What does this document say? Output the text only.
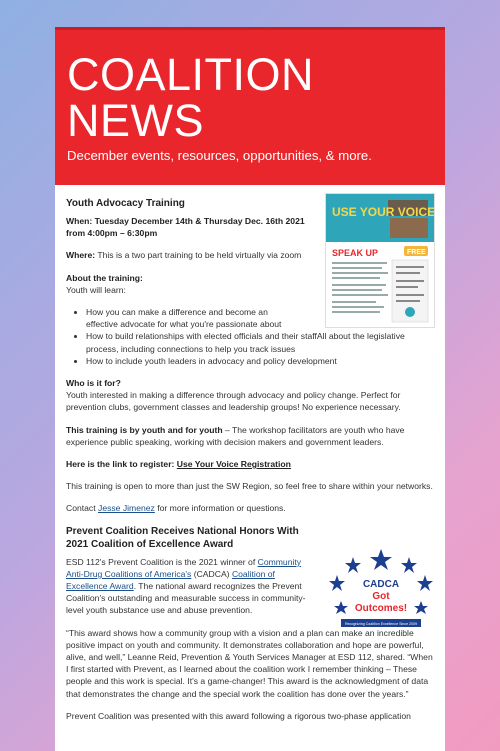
COALITION
NEWS
December events, resources, opportunities, & more.
USE YOUR VOICE
SPEAK UP	FREE
Youth Advocacy Training

When: Tuesday December 14th & Thursday Dec. 16th 2021 from 4:00pm – 6:30pm

Where: This is a two part training to be held virtually via zoom

About the training:

Youth will learn:

• How you can make a difference and become an effective advocate for what you're passionate about
• How to build relationships with elected officials and their staffAll about the legislative process, including connections to help you track issues
• How to include youth leaders in advocacy and policy development

Who is it for?

Youth interested in making a difference through advocacy and policy change. Perfect for prevention clubs, government classes and leadership groups! No experience necessary.

This training is by youth and for youth – The workshop facilitators are youth who have experience public speaking, working with decision makers and government leaders.

Here is the link to register: Use Your Voice Registration

This training is open to more than just the SW Region, so feel free to share within your networks.

Contact Jesse Jimenez for more information or questions.

Prevent Coalition Receives National Honors With 2021 Coalition of Excellence Award

ESD 112's Prevent Coalition is the 2021 winner of Community Anti-Drug Coalitions of America's (CADCA) Coalition of Excellence Award. The national award recognizes the Prevent Coalition's outstanding and measurable success in community-level youth substance use and abuse prevention.

“This award shows how a community group with a vision and a plan can make an incredible positive impact on youth and community. It demonstrates collaboration and hope are powerful, alive, and well,” Leanne Reid, Prevention & Youth Services Manager at ESD 112, shared. “When I first started with Prevent, as I learned about the coalition work I remember thinking – These people and this work is special. It's a game-changer! This award is the acknowledgment of data that demonstrates the change and the special work the coalition has done over the years.”

Prevent Coalition was presented with this award following a rigorous two-phase application

CADCA
Got
Outcomes!
Recognizing Coalition Excellence Since 2009
